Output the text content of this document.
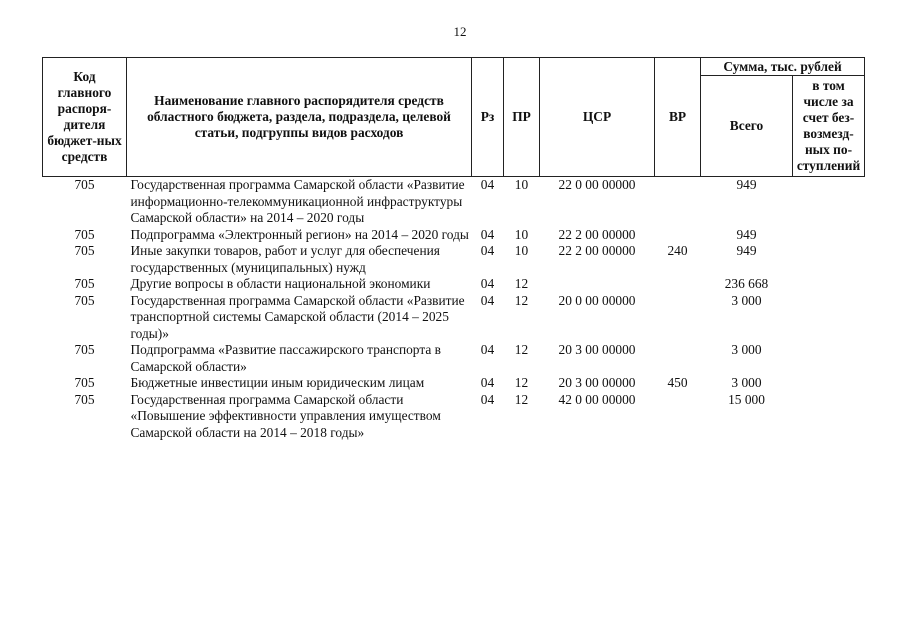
12
Код главного распоря-дителя бюджет-ных средств	Наименование главного распорядителя средств областного бюджета, раздела, подраздела, целевой статьи, подгруппы видов расходов	Рз	ПР	ЦСР	ВР	Сумма, тыс. рублей	
						Всего	в том числе за счет без-возмезд-ных по-ступлений
705	Государственная программа Самарской области «Развитие информационно-телекоммуникационной инфраструктуры Самарской области» на 2014 – 2020 годы	04	10	22 0 00 00000		949	
705	Подпрограмма «Электронный регион» на 2014 – 2020 годы	04	10	22 2 00 00000		949	
705	Иные закупки товаров, работ и услуг для обеспечения государственных (муниципальных) нужд	04	10	22 2 00 00000	240	949	
705	Другие вопросы в области национальной экономики	04	12			236 668	
705	Государственная программа Самарской области «Развитие транспортной системы Самарской области (2014 – 2025 годы)»	04	12	20 0 00 00000		3 000	
705	Подпрограмма «Развитие пассажирского транспорта в Самарской области»	04	12	20 3 00 00000		3 000	
705	Бюджетные инвестиции иным юридическим лицам	04	12	20 3 00 00000	450	3 000	
705	Государственная программа Самарской области «Повышение эффективности управления имуществом Самарской области на 2014 – 2018 годы»	04	12	42 0 00 00000		15 000	
